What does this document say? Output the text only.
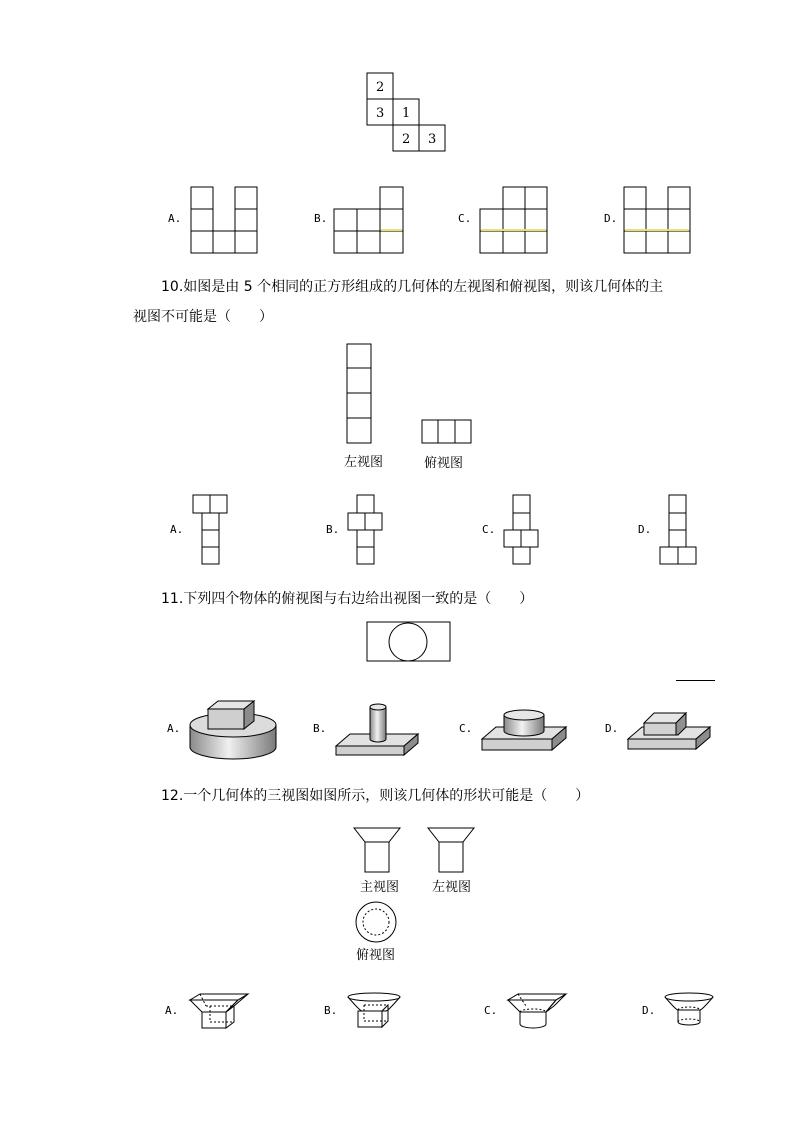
2
3 1
2 3
A.	B.	C.	D.
10.如图是由 5 个相同的正方形组成的几何体的左视图和俯视图，则该几何体的主
视图不可能是（　　）
左视图	俯视图
A.	B.	C.	D.
11.下列四个物体的俯视图与右边给出视图一致的是（　　）
A.	B.	C.	D.
12.一个几何体的三视图如图所示，则该几何体的形状可能是（　　）
主视图	左视图
俯视图
A.	B.	C.	D.
